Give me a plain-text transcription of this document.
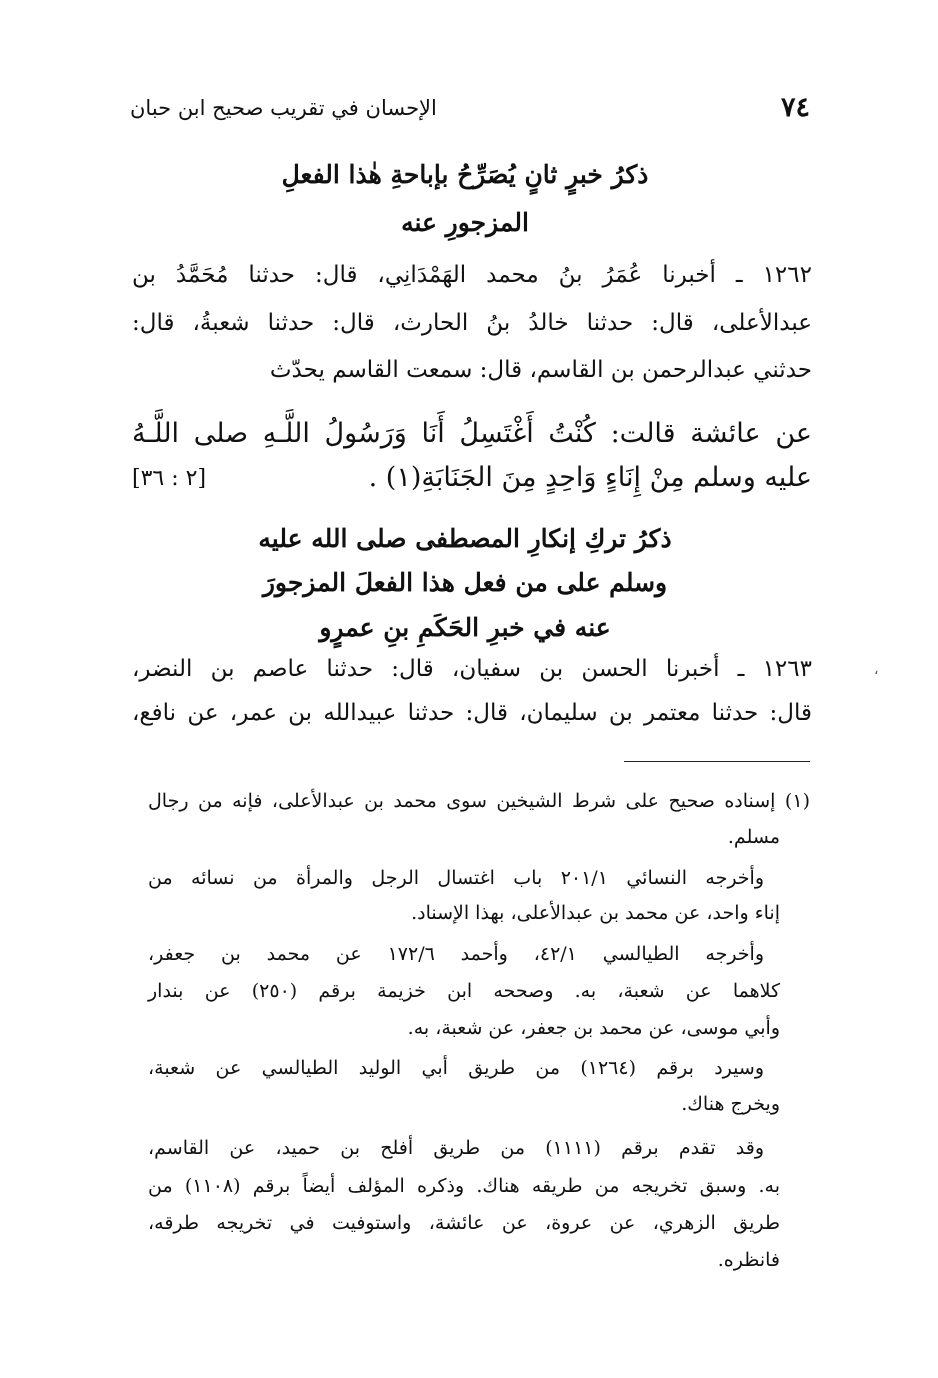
٧٤
الإحسان في تقريب صحيح ابن حبان
ذكرُ خبرٍ ثانٍ يُصَرِّحُ بإباحةِ هٰذا الفعلِ
المزجورِ عنه
١٢٦٢ ـ أخبرنا عُمَرُ بنُ محمد الهَمْدَانِي، قال: حدثنا مُحَمَّدُ بن
عبدالأعلى، قال: حدثنا خالدُ بنُ الحارث، قال: حدثنا شعبةُ، قال:
حدثني عبدالرحمن بن القاسم، قال: سمعت القاسم يحدّث
عن عائشة قالت: كُنْتُ أَغْتَسِلُ أَنَا وَرَسُولُ اللَّـهِ صلى اللَّـهُ
عليه وسلم مِنْ إِنَاءٍ وَاحِدٍ مِنَ الجَنَابَةِ(١) .
[٢ : ٣٦]
ذكرُ تركِ إنكارِ المصطفى صلى الله عليه
وسلم على من فعل هذا الفعلَ المزجورَ
عنه في خبرِ الحَكَمِ بنِ عمرٍو
١٢٦٣ ـ أخبرنا الحسن بن سفيان، قال: حدثنا عاصم بن النضر،
قال: حدثنا معتمر بن سليمان، قال: حدثنا عبيدالله بن عمر، عن نافع،
،
(١) إسناده صحيح على شرط الشيخين سوى محمد بن عبدالأعلى، فإنه من رجال
مسلم.
وأخرجه النسائي ٢٠١/١ باب اغتسال الرجل والمرأة من نسائه من
إناء واحد، عن محمد بن عبدالأعلى، بهذا الإسناد.
وأخرجه الطيالسي ٤٢/١، وأحمد ١٧٢/٦ عن محمد بن جعفر،
كلاهما عن شعبة، به. وصححه ابن خزيمة برقم (٢٥٠) عن بندار
وأبي موسى، عن محمد بن جعفر، عن شعبة، به.
وسيرد برقم (١٢٦٤) من طريق أبي الوليد الطيالسي عن شعبة،
ويخرج هناك.
وقد تقدم برقم (١١١١) من طريق أفلح بن حميد، عن القاسم،
به. وسبق تخريجه من طريقه هناك. وذكره المؤلف أيضاً برقم (١١٠٨) من
طريق الزهري، عن عروة، عن عائشة، واستوفيت في تخريجه طرقه،
فانظره.
